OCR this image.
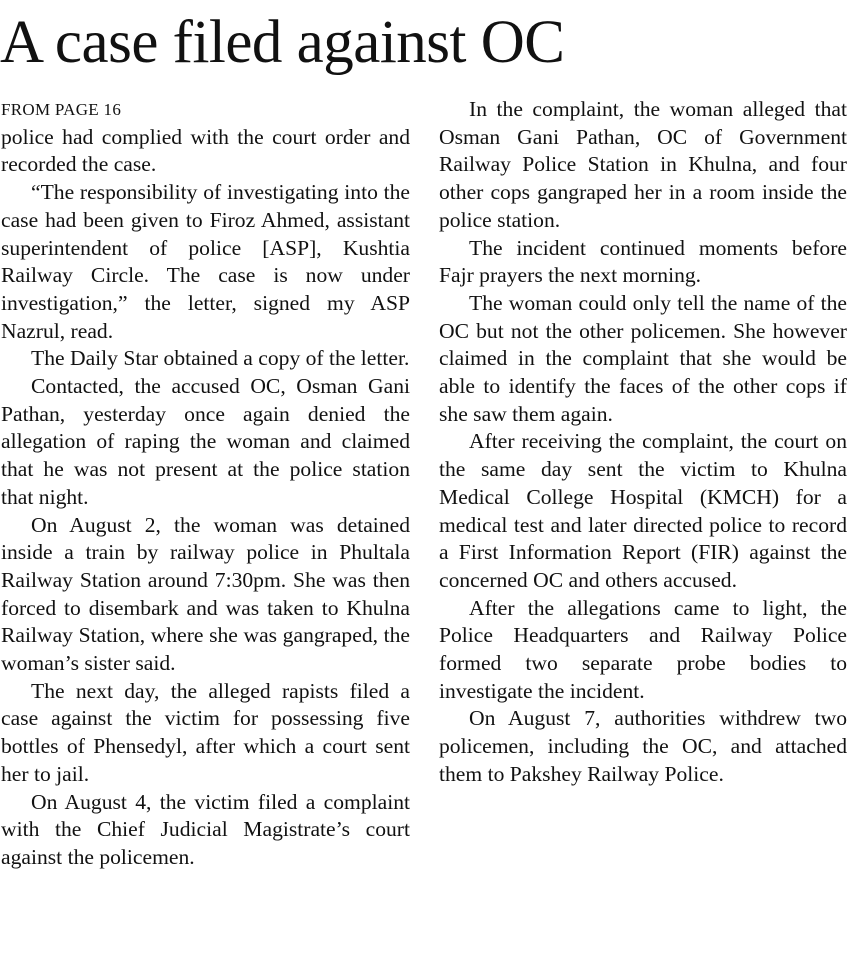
A case filed against OC
FROM PAGE 16

police had complied with the court order and recorded the case.

“The responsibility of investigating into the case had been given to Firoz Ahmed, assistant superintendent of police [ASP], Kushtia Railway Circle. The case is now under investigation,” the letter, signed my ASP Nazrul, read.

The Daily Star obtained a copy of the letter.

Contacted, the accused OC, Osman Gani Pathan, yesterday once again denied the allegation of raping the woman and claimed that he was not present at the police station that night.

On August 2, the woman was detained inside a train by railway police in Phultala Railway Station around 7:30pm. She was then forced to disembark and was taken to Khulna Railway Station, where she was gangraped, the woman’s sister said.

The next day, the alleged rapists filed a case against the victim for possessing five bottles of Phensedyl, after which a court sent her to jail.

On August 4, the victim filed a complaint with the Chief Judicial Magistrate’s court against the policemen.

In the complaint, the woman alleged that Osman Gani Pathan, OC of Government Railway Police Station in Khulna, and four other cops gangraped her in a room inside the police station.

The incident continued moments before Fajr prayers the next morning.

The woman could only tell the name of the OC but not the other policemen. She however claimed in the complaint that she would be able to identify the faces of the other cops if she saw them again.

After receiving the complaint, the court on the same day sent the victim to Khulna Medical College Hospital (KMCH) for a medical test and later directed police to record a First Information Report (FIR) against the concerned OC and others accused.

After the allegations came to light, the Police Headquarters and Railway Police formed two separate probe bodies to investigate the incident.

On August 7, authorities withdrew two policemen, including the OC, and attached them to Pakshey Railway Police.
